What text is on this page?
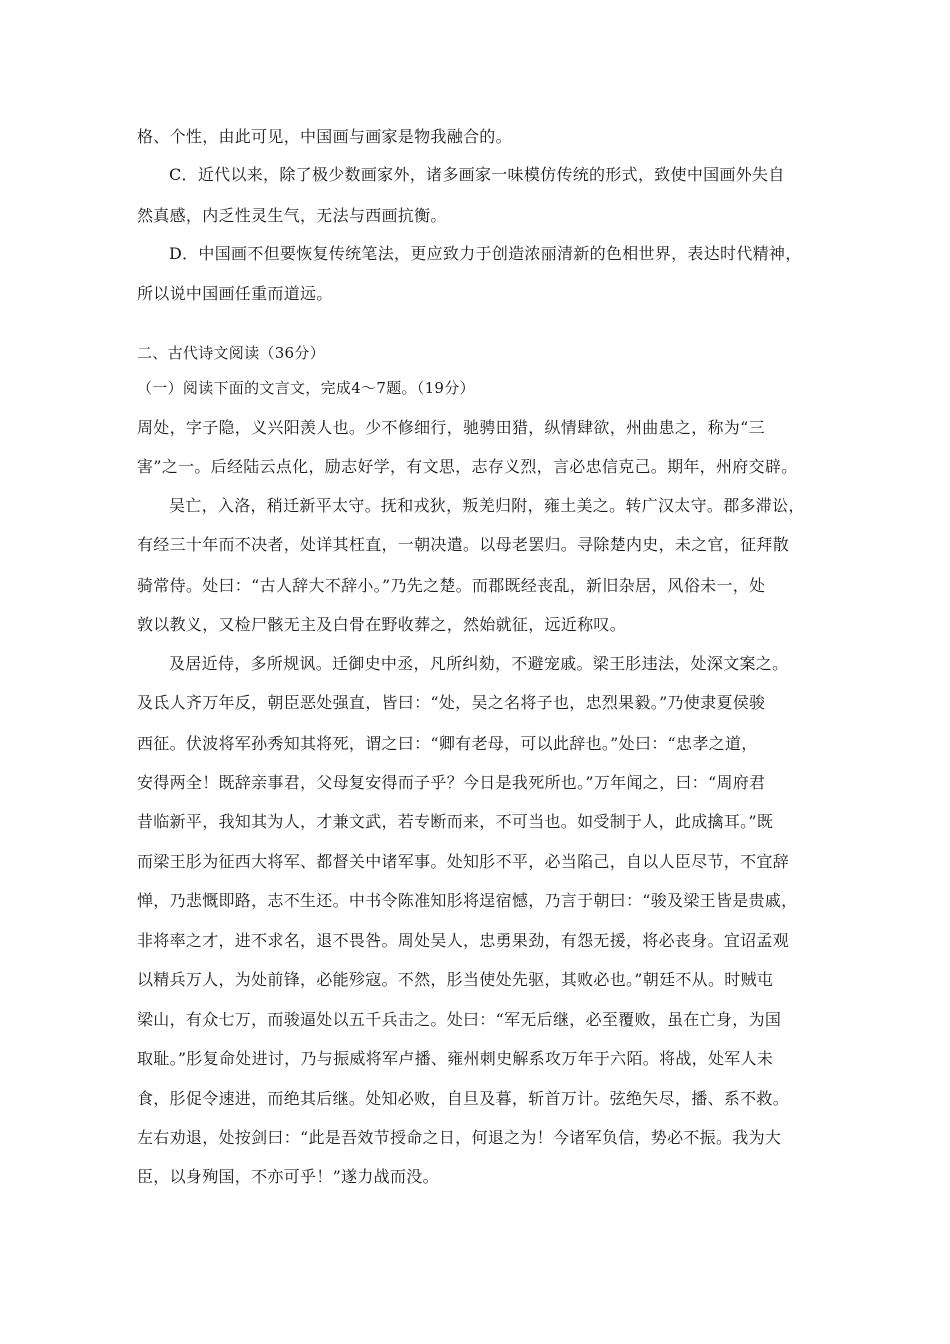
格、个性，由此可见，中国画与画家是物我融合的。
C．近代以来，除了极少数画家外，诸多画家一味模仿传统的形式，致使中国画外失自
然真感，内乏性灵生气，无法与西画抗衡。
D．中国画不但要恢复传统笔法，更应致力于创造浓丽清新的色相世界，表达时代精神，
所以说中国画任重而道远。
二、古代诗文阅读（36分）
（一）阅读下面的文言文，完成4～7题。（19分）
周处，字子隐，义兴阳羡人也。少不修细行，驰骋田猎，纵情肆欲，州曲患之，称为“三
害”之一。后经陆云点化，励志好学，有文思，志存义烈，言必忠信克己。期年，州府交辟。
吴亡，入洛，稍迁新平太守。抚和戎狄，叛羌归附，雍土美之。转广汉太守。郡多滞讼，
有经三十年而不决者，处详其枉直，一朝决遣。以母老罢归。寻除楚内史，未之官，征拜散
骑常侍。处曰：“古人辞大不辞小。”乃先之楚。而郡既经丧乱，新旧杂居，风俗未一，处
敦以教义，又检尸骸无主及白骨在野收葬之，然始就征，远近称叹。
及居近侍，多所规讽。迁御史中丞，凡所纠劾，不避宠戚。梁王肜违法，处深文案之。
及氐人齐万年反，朝臣恶处强直，皆曰：“处，吴之名将子也，忠烈果毅。”乃使隶夏侯骏
西征。伏波将军孙秀知其将死，谓之曰：“卿有老母，可以此辞也。”处曰：“忠孝之道，
安得两全！既辞亲事君，父母复安得而子乎？今日是我死所也。”万年闻之，曰：“周府君
昔临新平，我知其为人，才兼文武，若专断而来，不可当也。如受制于人，此成擒耳。”既
而梁王肜为征西大将军、都督关中诸军事。处知肜不平，必当陷己，自以人臣尽节，不宜辞
惮，乃悲慨即路，志不生还。中书令陈准知肜将逞宿憾，乃言于朝曰：“骏及梁王皆是贵戚，
非将率之才，进不求名，退不畏咎。周处吴人，忠勇果劲，有怨无援，将必丧身。宜诏孟观
以精兵万人，为处前锋，必能殄寇。不然，肜当使处先驱，其败必也。”朝廷不从。时贼屯
梁山，有众七万，而骏逼处以五千兵击之。处曰：“军无后继，必至覆败，虽在亡身，为国
取耻。”肜复命处进讨，乃与振威将军卢播、雍州刺史解系攻万年于六陌。将战，处军人未
食，肜促令速进，而绝其后继。处知必败，自旦及暮，斩首万计。弦绝矢尽，播、系不救。
左右劝退，处按剑曰：“此是吾效节授命之日，何退之为！今诸军负信，势必不振。我为大
臣，以身殉国，不亦可乎！”遂力战而没。
